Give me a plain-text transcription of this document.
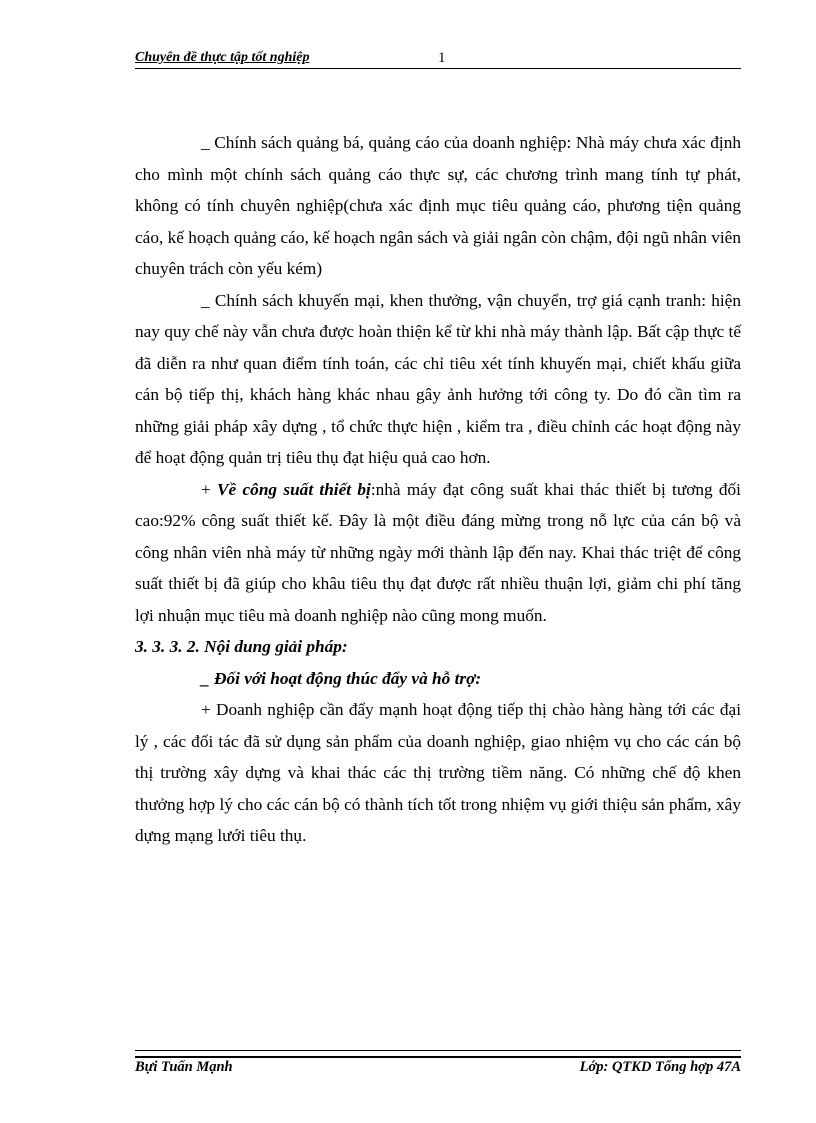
Chuyên đề thực tập tốt nghiệp	1

_ Chính sách quảng bá, quảng cáo của doanh nghiệp: Nhà máy chưa xác định cho mình một chính sách quảng cáo thực sự, các chương trình mang tính tự phát, không có tính chuyên nghiệp(chưa xác định mục tiêu quảng cáo, phương tiện quảng cáo, kế hoạch quảng cáo, kế hoạch ngân sách và giải ngân còn chậm, đội ngũ nhân viên chuyên trách còn yếu kém)

_ Chính sách khuyến mại, khen thưởng, vận chuyển, trợ giá cạnh tranh: hiện nay quy chế này vẫn chưa được hoàn thiện kể từ khi nhà máy thành lập. Bất cập thực tế đã diễn ra như quan điểm tính toán, các chỉ tiêu xét tính khuyến mại, chiết khấu giữa cán bộ tiếp thị, khách hàng khác nhau gây ảnh hưởng tới công ty. Do đó cần tìm ra những giải pháp xây dựng , tổ chức thực hiện , kiểm tra , điều chỉnh các hoạt động này để hoạt động quản trị tiêu thụ đạt hiệu quả cao hơn.

+ Về công suất thiết bị:nhà máy đạt công suất khai thác thiết bị tương đối cao:92% công suất thiết kế. Đây là một điều đáng mừng trong nỗ lực của cán bộ và công nhân viên nhà máy từ những ngày mới thành lập đến nay. Khai thác triệt để công suất thiết bị đã giúp cho khâu tiêu thụ đạt được rất nhiều thuận lợi, giảm chi phí tăng lợi nhuận mục tiêu mà doanh nghiệp nào cũng mong muốn.

3. 3. 3. 2. Nội dung giải pháp:

_ Đối với hoạt động thúc đẩy và hỗ trợ:

+ Doanh nghiệp cần đẩy mạnh hoạt động tiếp thị chào hàng hàng tới các đại lý , các đối tác đã sử dụng sản phẩm của doanh nghiệp, giao nhiệm vụ cho các cán bộ thị trường xây dựng và khai thác các thị trường tiềm năng. Có những chế độ khen thưởng hợp lý cho các cán bộ có thành tích tốt trong nhiệm vụ giới thiệu sản phẩm, xây dựng mạng lưới tiêu thụ.

Bựi Tuấn Mạnh	Lớp: QTKD Tổng hợp 47A
